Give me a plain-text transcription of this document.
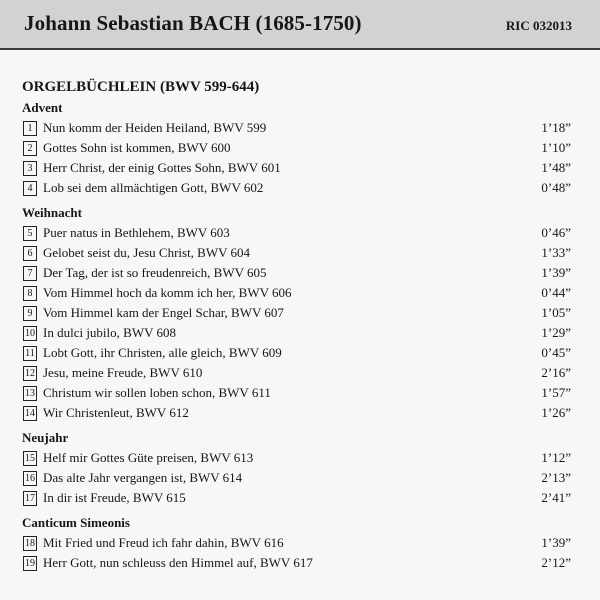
Johann Sebastian BACH (1685-1750)	RIC 032013
ORGELBÜCHLEIN (BWV 599-644)
Advent
1 Nun komm der Heiden Heiland, BWV 599	1’18”
2 Gottes Sohn ist kommen, BWV 600	1’10”
3 Herr Christ, der einig Gottes Sohn, BWV 601	1’48”
4 Lob sei dem allmächtigen Gott, BWV 602	0’48”
Weihnacht
5 Puer natus in Bethlehem, BWV 603	0’46”
6 Gelobet seist du, Jesu Christ, BWV 604	1’33”
7 Der Tag, der ist so freudenreich, BWV 605	1’39”
8 Vom Himmel hoch da komm ich her, BWV 606	0’44”
9 Vom Himmel kam der Engel Schar, BWV 607	1’05”
10 In dulci jubilo, BWV 608	1’29”
11 Lobt Gott, ihr Christen, alle gleich, BWV 609	0’45”
12 Jesu, meine Freude, BWV 610	2’16”
13 Christum wir sollen loben schon, BWV 611	1’57”
14 Wir Christenleut, BWV 612	1’26”
Neujahr
15 Helf mir Gottes Güte preisen, BWV 613	1’12”
16 Das alte Jahr vergangen ist, BWV 614	2’13”
17 In dir ist Freude, BWV 615	2’41”
Canticum Simeonis
18 Mit Fried und Freud ich fahr dahin, BWV 616	1’39”
19 Herr Gott, nun schleuss den Himmel auf, BWV 617	2’12”
